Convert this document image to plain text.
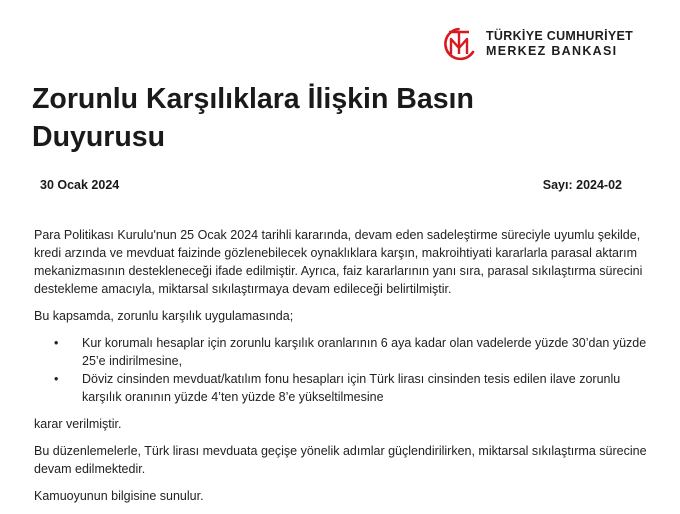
TÜRKİYE CUMHURİYET
MERKEZ BANKASI
Zorunlu Karşılıklara İlişkin Basın Duyurusu
30 Ocak 2024	Sayı: 2024-02

Para Politikası Kurulu'nun 25 Ocak 2024 tarihli kararında, devam eden sadeleştirme süreciyle uyumlu şekilde, kredi arzında ve mevduat faizinde gözlenebilecek oynaklıklara karşın, makroihtiyati kararlarla parasal aktarım mekanizmasının destekleneceği ifade edilmiştir. Ayrıca, faiz kararlarının yanı sıra, parasal sıkılaştırma sürecini destekleme amacıyla, miktarsal sıkılaştırmaya devam edileceği belirtilmiştir.

Bu kapsamda, zorunlu karşılık uygulamasında;

• Kur korumalı hesaplar için zorunlu karşılık oranlarının 6 aya kadar olan vadelerde yüzde 30’dan yüzde 25’e indirilmesine,
• Döviz cinsinden mevduat/katılım fonu hesapları için Türk lirası cinsinden tesis edilen ilave zorunlu karşılık oranının yüzde 4’ten yüzde 8’e yükseltilmesine

karar verilmiştir.

Bu düzenlemelerle, Türk lirası mevduata geçişe yönelik adımlar güçlendirilirken, miktarsal sıkılaştırma sürecine devam edilmektedir.

Kamuoyunun bilgisine sunulur.
